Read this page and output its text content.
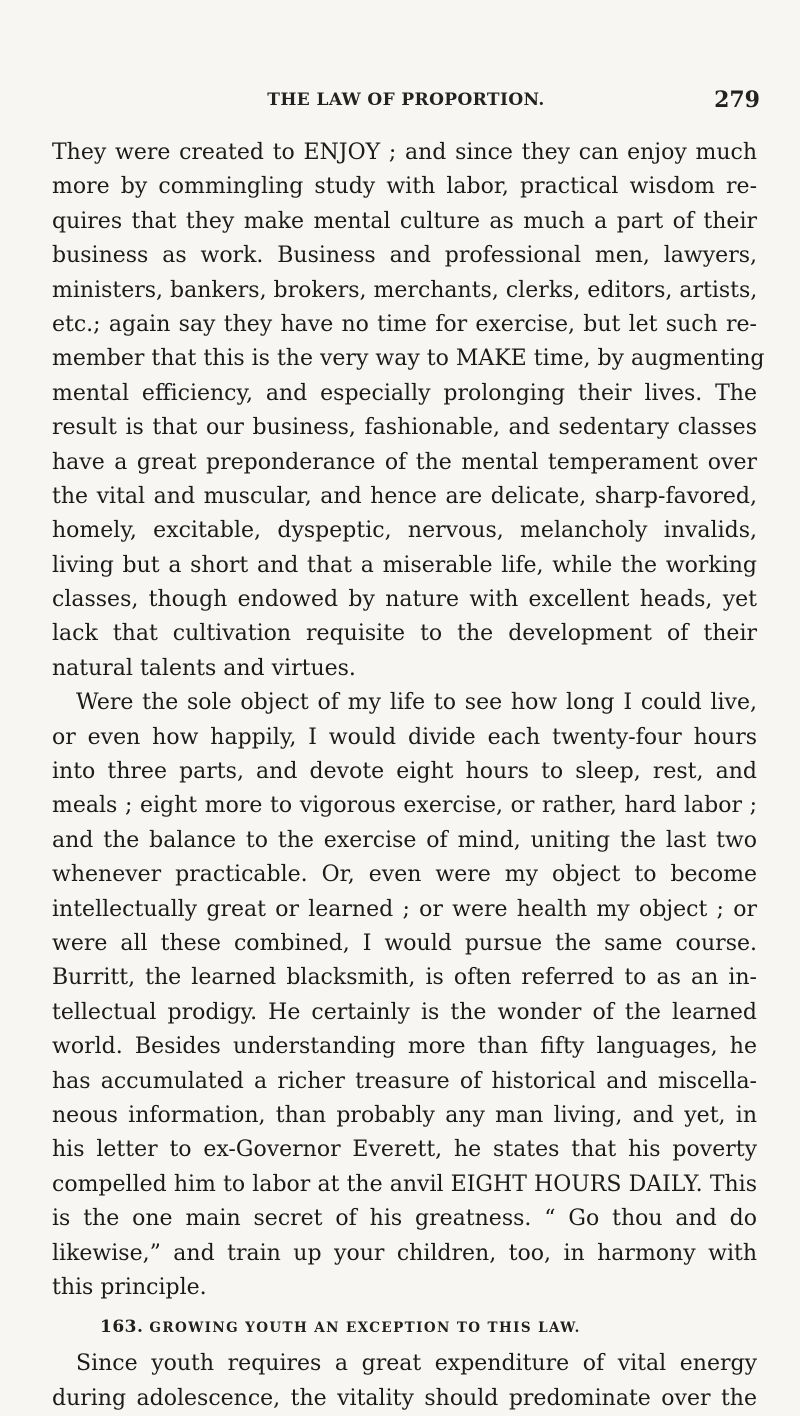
THE LAW OF PROPORTION.	279
They were created to ENJOY ; and since they can enjoy much
more by commingling study with labor, practical wisdom re-
quires that they make mental culture as much a part of their
business as work. Business and professional men, lawyers,
ministers, bankers, brokers, merchants, clerks, editors, artists,
etc.; again say they have no time for exercise, but let such re-
member that this is the very way to MAKE time, by augmenting
mental efficiency, and especially prolonging their lives. The
result is that our business, fashionable, and sedentary classes
have a great preponderance of the mental temperament over
the vital and muscular, and hence are delicate, sharp-favored,
homely, excitable, dyspeptic, nervous, melancholy invalids,
living but a short and that a miserable life, while the working
classes, though endowed by nature with excellent heads, yet
lack that cultivation requisite to the development of their
natural talents and virtues.
Were the sole object of my life to see how long I could live,
or even how happily, I would divide each twenty-four hours
into three parts, and devote eight hours to sleep, rest, and
meals ; eight more to vigorous exercise, or rather, hard labor ;
and the balance to the exercise of mind, uniting the last two
whenever practicable. Or, even were my object to become
intellectually great or learned ; or were health my object ; or
were all these combined, I would pursue the same course.
Burritt, the learned blacksmith, is often referred to as an in-
tellectual prodigy. He certainly is the wonder of the learned
world. Besides understanding more than fifty languages, he
has accumulated a richer treasure of historical and miscella-
neous information, than probably any man living, and yet, in
his letter to ex-Governor Everett, he states that his poverty
compelled him to labor at the anvil EIGHT HOURS DAILY. This
is the one main secret of his greatness. “ Go thou and do
likewise,” and train up your children, too, in harmony with
this principle.
163. GROWING YOUTH AN EXCEPTION TO THIS LAW.
Since youth requires a great expenditure of vital energy
during adolescence, the vitality should predominate over the
